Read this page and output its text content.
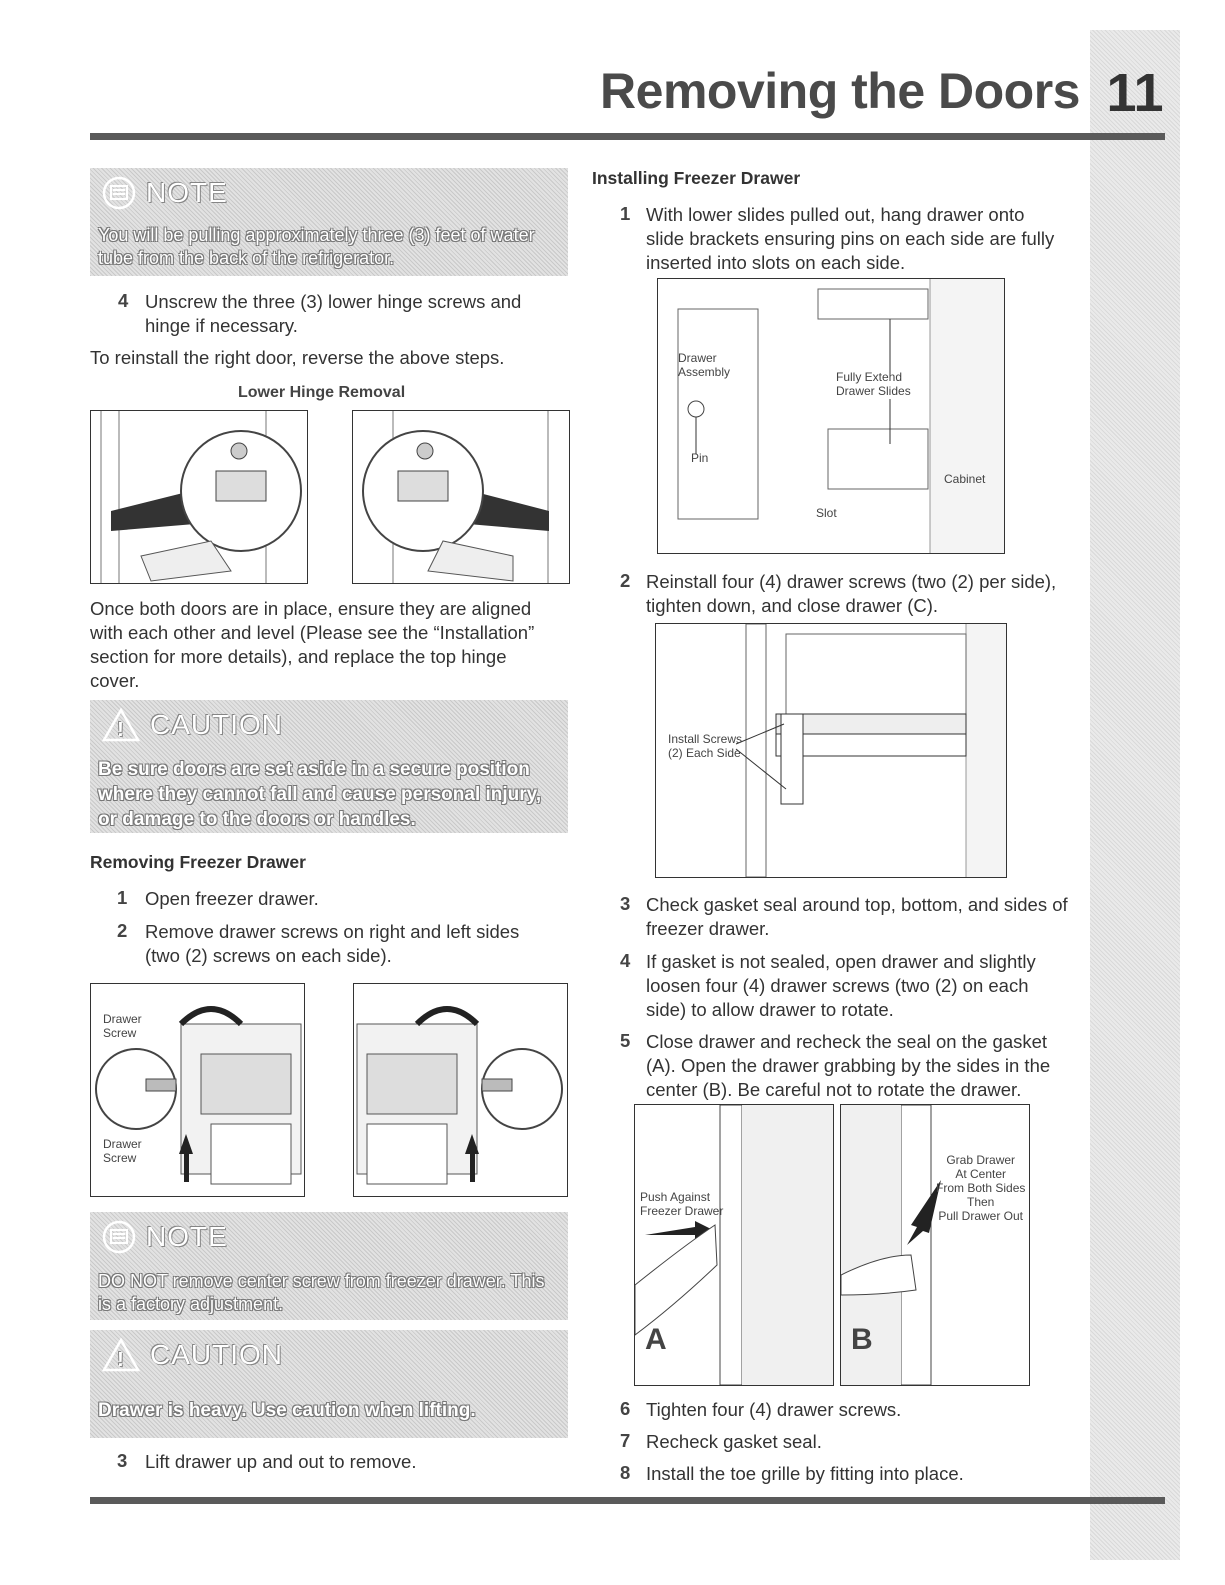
Removing the Doors 11
NOTE
You will be pulling approximately three (3) feet of water tube from the back of the refrigerator.
4 Unscrew the three (3) lower hinge screws and hinge if necessary.
To reinstall the right door, reverse the above steps.
Lower Hinge Removal
Once both doors are in place, ensure they are aligned with each other and level (Please see the “Installation” section for more details), and replace the top hinge cover.
! CAUTION
Be sure doors are set aside in a secure position where they cannot fall and cause personal injury, or damage to the doors or handles.
Removing Freezer Drawer
1 Open freezer drawer.
2 Remove drawer screws on right and left sides (two (2) screws on each side).
Drawer
Screw
Drawer
Screw
NOTE
DO NOT remove center screw from freezer drawer. This is a factory adjustment.
! CAUTION
Drawer is heavy. Use caution when lifting.
3 Lift drawer up and out to remove.
Installing Freezer Drawer
1 With lower slides pulled out, hang drawer onto slide brackets ensuring pins on each side are fully inserted into slots on each side.
Drawer
Assembly	Fully Extend
Drawer Slides
Pin
Cabinet
Slot
2 Reinstall four (4) drawer screws (two (2) per side), tighten down, and close drawer (C).
Install Screws
(2) Each Side
3 Check gasket seal around top, bottom, and sides of freezer drawer.
4 If gasket is not sealed, open drawer and slightly loosen four (4) drawer screws (two (2) on each side) to allow drawer to rotate.
5 Close drawer and recheck the seal on the gasket (A). Open the drawer grabbing by the sides in the center (B). Be careful not to rotate the drawer.
Push Against
Freezer Drawer
A
Grab Drawer
At Center
From Both Sides
Then
Pull Drawer Out
B
6 Tighten four (4) drawer screws.
7 Recheck gasket seal.
8 Install the toe grille by fitting into place.
